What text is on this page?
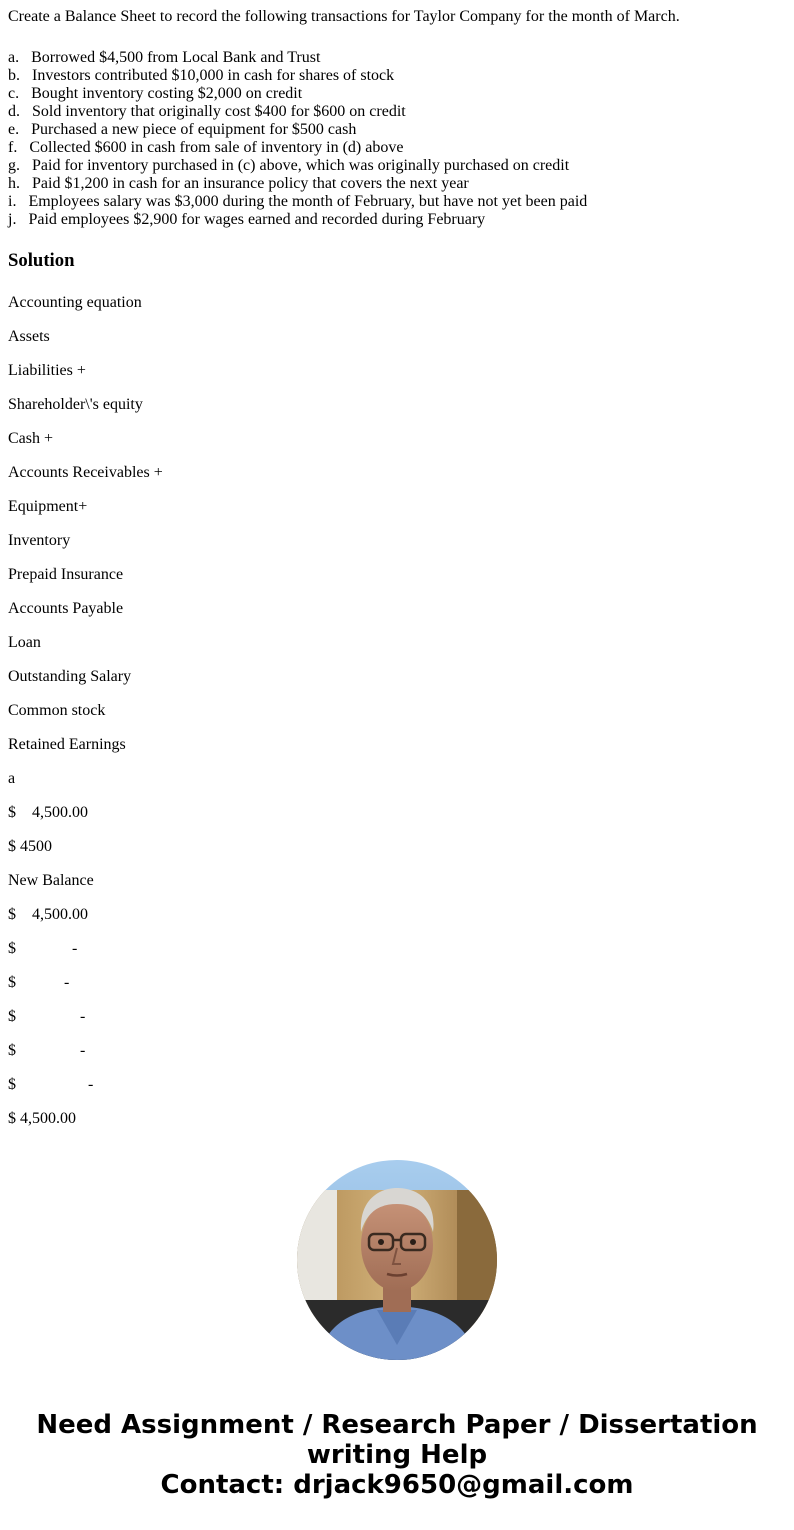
Create a Balance Sheet to record the following transactions for Taylor Company for the month of March.

a.   Borrowed $4,500 from Local Bank and Trust
b.   Investors contributed $10,000 in cash for shares of stock
c.   Bought inventory costing $2,000 on credit
d.   Sold inventory that originally cost $400 for $600 on credit
e.   Purchased a new piece of equipment for $500 cash
f.   Collected $600 in cash from sale of inventory in (d) above
g.   Paid for inventory purchased in (c) above, which was originally purchased on credit
h.   Paid $1,200 in cash for an insurance policy that covers the next year
i.   Employees salary was $3,000 during the month of February, but have not yet been paid
j.   Paid employees $2,900 for wages earned and recorded during February
Solution

Accounting equation

Assets

Liabilities +

Shareholder\'s equity

Cash +

Accounts Receivables +

Equipment+

Inventory

Prepaid Insurance

Accounts Payable

Loan

Outstanding Salary

Common stock

Retained Earnings

a

$    4,500.00

$ 4500

New Balance

$    4,500.00

$              -

$            -

$                -

$                -

$                  -

$ 4,500.00

Need Assignment / Research Paper / Dissertation
writing Help
Contact: drjack9650@gmail.com
